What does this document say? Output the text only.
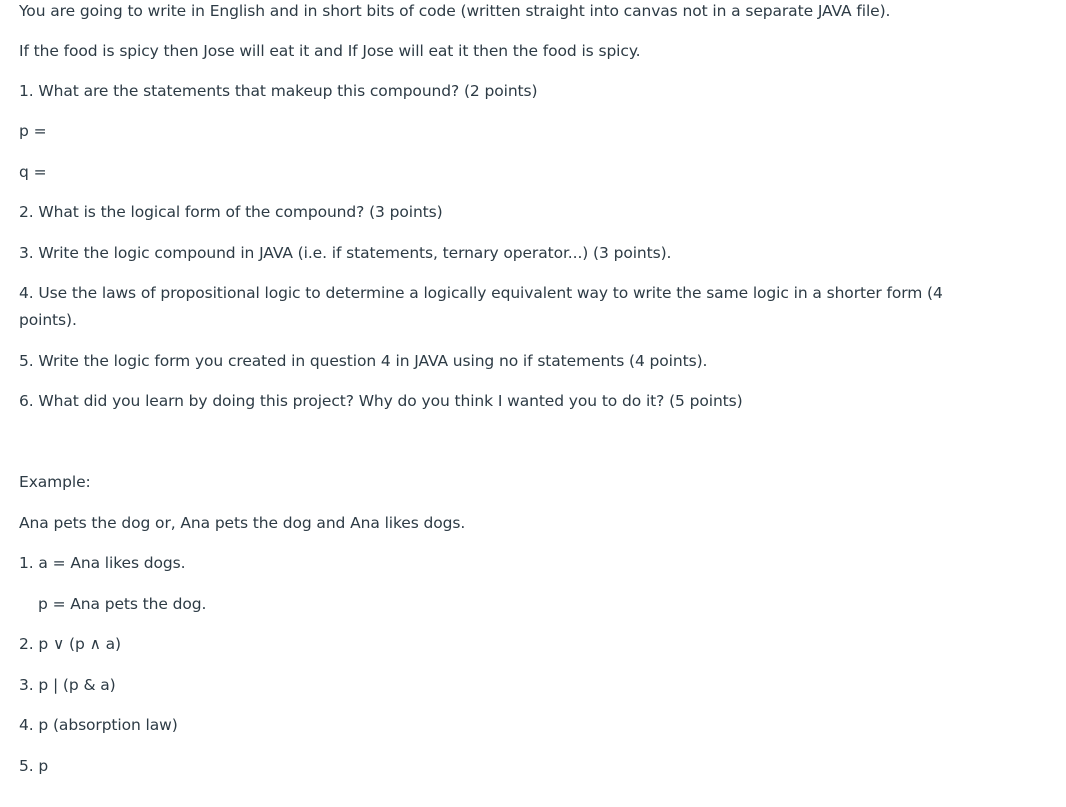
You are going to write in English and in short bits of code (written straight into canvas not in a separate JAVA file).
If the food is spicy then Jose will eat it and If Jose will eat it then the food is spicy.
1. What are the statements that makeup this compound? (2 points)
p =
q =
2. What is the logical form of the compound? (3 points)
3. Write the logic compound in JAVA (i.e. if statements, ternary operator...) (3 points).
4. Use the laws of propositional logic to determine a logically equivalent way to write the same logic in a shorter form (4 points).
5. Write the logic form you created in question 4 in JAVA using no if statements (4 points).
6. What did you learn by doing this project? Why do you think I wanted you to do it? (5 points)
Example:
Ana pets the dog or, Ana pets the dog and Ana likes dogs.
1. a = Ana likes dogs.
p = Ana pets the dog.
2. p ∨ (p ∧ a)
3. p | (p & a)
4. p (absorption law)
5. p
